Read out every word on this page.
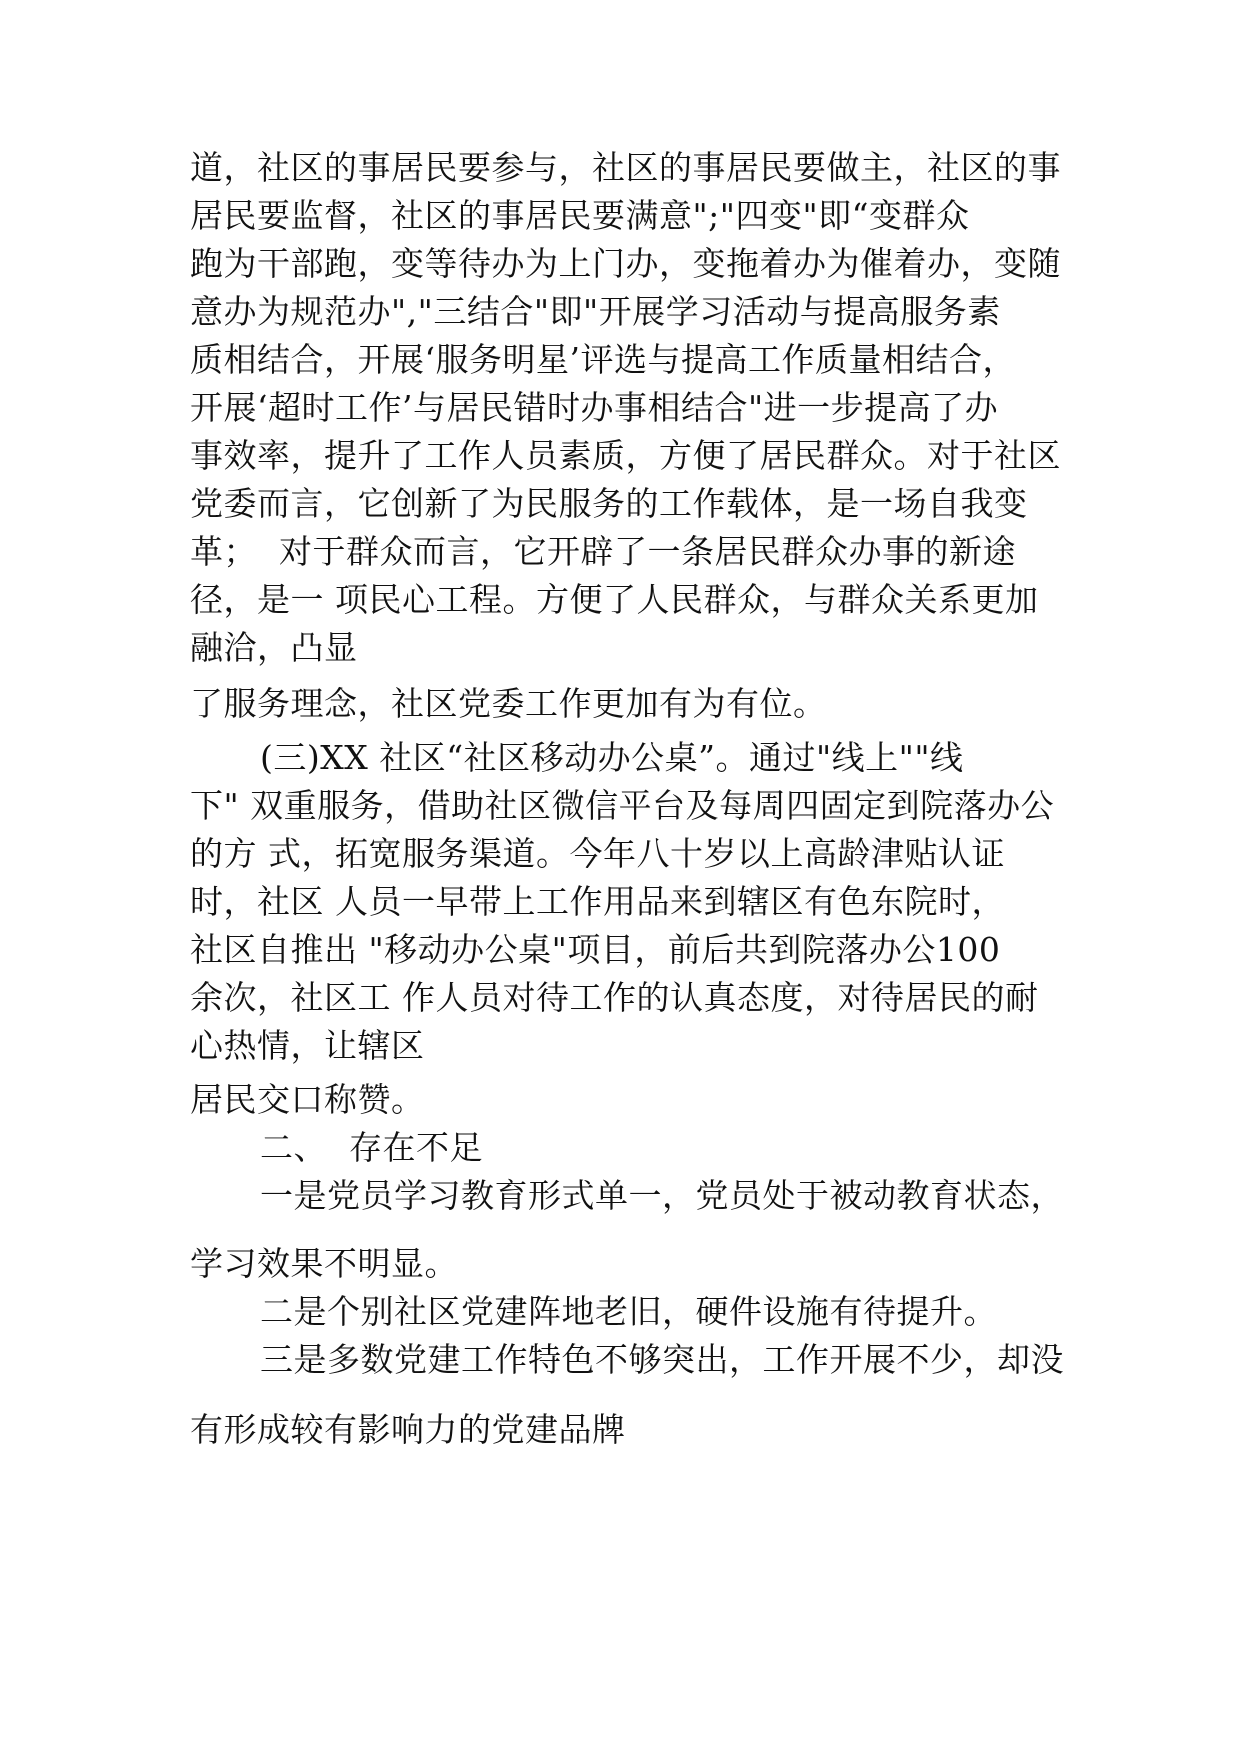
道，社区的事居民要参与，社区的事居民要做主，社区的事
居民要监督，社区的事居民要满意";"四变"即“变群众
跑为干部跑，变等待办为上门办，变拖着办为催着办，变随
意办为规范办","三结合"即"开展学习活动与提高服务素
质相结合，开展‘服务明星’评选与提高工作质量相结合，
开展‘超时工作’与居民错时办事相结合"进一步提高了办
事效率，提升了工作人员素质，方便了居民群众。对于社区
党委而言，它创新了为民服务的工作载体，是一场自我变
革；  对于群众而言，它开辟了一条居民群众办事的新途
径，是一 项民心工程。方便了人民群众，与群众关系更加
融洽，凸显
了服务理念，社区党委工作更加有为有位。
(三)XX 社区“社区移动办公桌”。通过"线上""线
下" 双重服务，借助社区微信平台及每周四固定到院落办公
的方 式，拓宽服务渠道。今年八十岁以上高龄津贴认证
时，社区 人员一早带上工作用品来到辖区有色东院时，
社区自推出 "移动办公桌"项目，前后共到院落办公100
余次，社区工 作人员对待工作的认真态度，对待居民的耐
心热情，让辖区
居民交口称赞。
二、  存在不足
一是党员学习教育形式单一，党员处于被动教育状态，
学习效果不明显。
二是个别社区党建阵地老旧，硬件设施有待提升。
三是多数党建工作特色不够突出，工作开展不少，却没
有形成较有影响力的党建品牌
